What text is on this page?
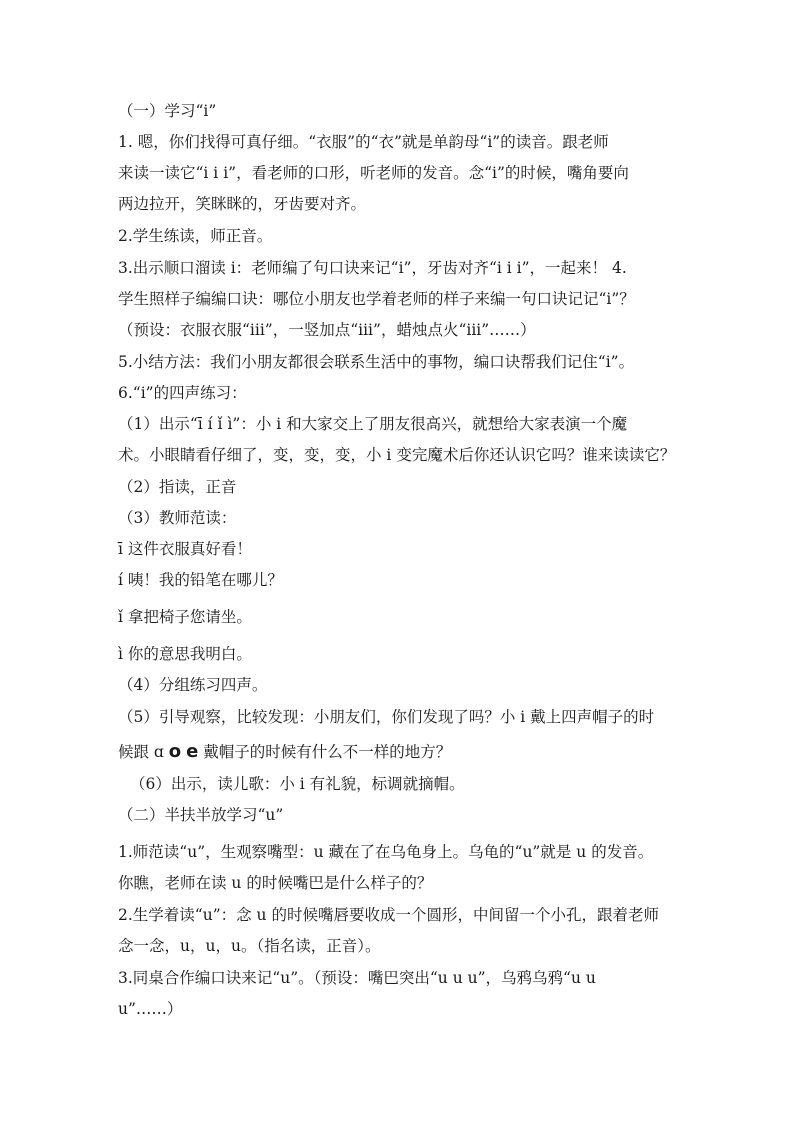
（一）学习“i”
1. 嗯，你们找得可真仔细。“衣服”的“衣”就是单韵母“i”的读音。跟老师
来读一读它“i i i”，看老师的口形，听老师的发音。念“i”的时候，嘴角要向
两边拉开，笑眯眯的，牙齿要对齐。
2.学生练读，师正音。
3.出示顺口溜读 i：老师编了句口诀来记“i”，牙齿对齐“i i i”，一起来！ 4.
学生照样子编编口诀：哪位小朋友也学着老师的样子来编一句口诀记记“i”？
（预设：衣服衣服“iii”，一竖加点“iii”，蜡烛点火“iii”……）
5.小结方法：我们小朋友都很会联系生活中的事物，编口诀帮我们记住“i”。
6.“i”的四声练习：
（1）出示“ī í ǐ ì”：小 i 和大家交上了朋友很高兴，就想给大家表演一个魔
术。小眼睛看仔细了，变，变，变，小 i 变完魔术后你还认识它吗？谁来读读它？
（2）指读，正音
（3）教师范读：
ī 这件衣服真好看！
í 咦！我的铅笔在哪儿？
ǐ 拿把椅子您请坐。
ì 你的意思我明白。
（4）分组练习四声。
（5）引导观察，比较发现：小朋友们，你们发现了吗？小 i 戴上四声帽子的时
候跟 ɑ o e 戴帽子的时候有什么不一样的地方？
（6）出示，读儿歌：小 i 有礼貌，标调就摘帽。
（二）半扶半放学习“u”
1.师范读“u”，生观察嘴型：u 藏在了在乌龟身上。乌龟的“u”就是 u 的发音。
你瞧，老师在读 u 的时候嘴巴是什么样子的？
2.生学着读“u”：念 u 的时候嘴唇要收成一个圆形，中间留一个小孔，跟着老师
念一念，u，u，u。（指名读，正音）。
3.同桌合作编口诀来记“u”。（预设：嘴巴突出“u u u”，乌鸦乌鸦“u u
u”……）
